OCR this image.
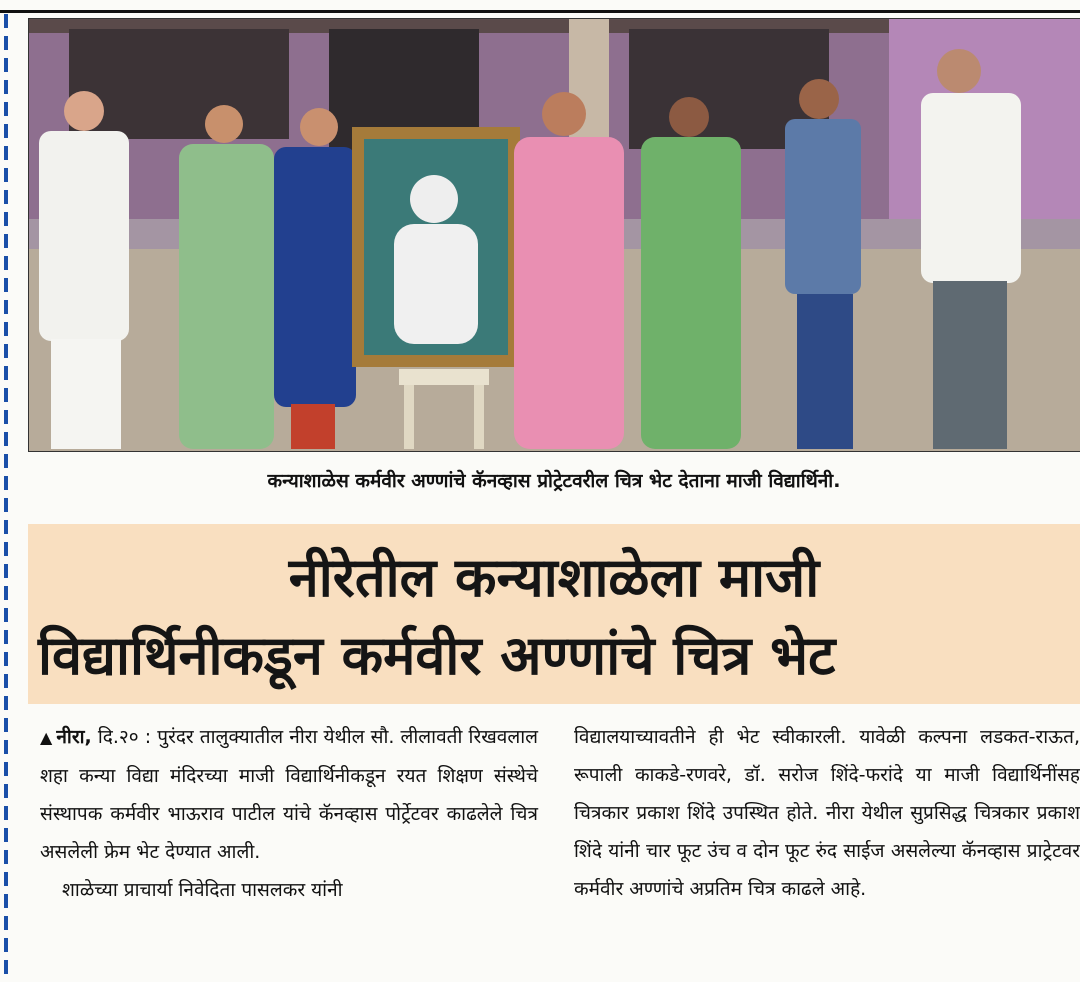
कन्याशाळेस कर्मवीर अण्णांचे कॅनव्हास प्रोट्रेटवरील चित्र भेट देताना माजी विद्यार्थिनी.
नीरेतील कन्याशाळेला माजी
विद्यार्थिनीकडून कर्मवीर अण्णांचे चित्र भेट

▲ नीरा, दि.२० : पुरंदर तालुक्यातील नीरा येथील सौ. लीलावती रिखवलाल शहा कन्या विद्या मंदिरच्या माजी विद्यार्थिनीकडून रयत शिक्षण संस्थेचे संस्थापक कर्मवीर भाऊराव पाटील यांचे कॅनव्हास पोर्ट्रेटवर काढलेले चित्र असलेली फ्रेम भेट देण्यात आली.

शाळेच्या प्राचार्या निवेदिता पासलकर यांनी

विद्यालयाच्यावतीने ही भेट स्वीकारली. यावेळी कल्पना लडकत-राऊत, रूपाली काकडे-रणवरे, डॉ. सरोज शिंदे-फरांदे या माजी विद्यार्थिनींसह चित्रकार प्रकाश शिंदे उपस्थित होते. नीरा येथील सुप्रसिद्ध चित्रकार प्रकाश शिंदे यांनी चार फूट उंच व दोन फूट रुंद साईज असलेल्या कॅनव्हास प्राट्रेटवर कर्मवीर अण्णांचे अप्रतिम चित्र काढले आहे.
